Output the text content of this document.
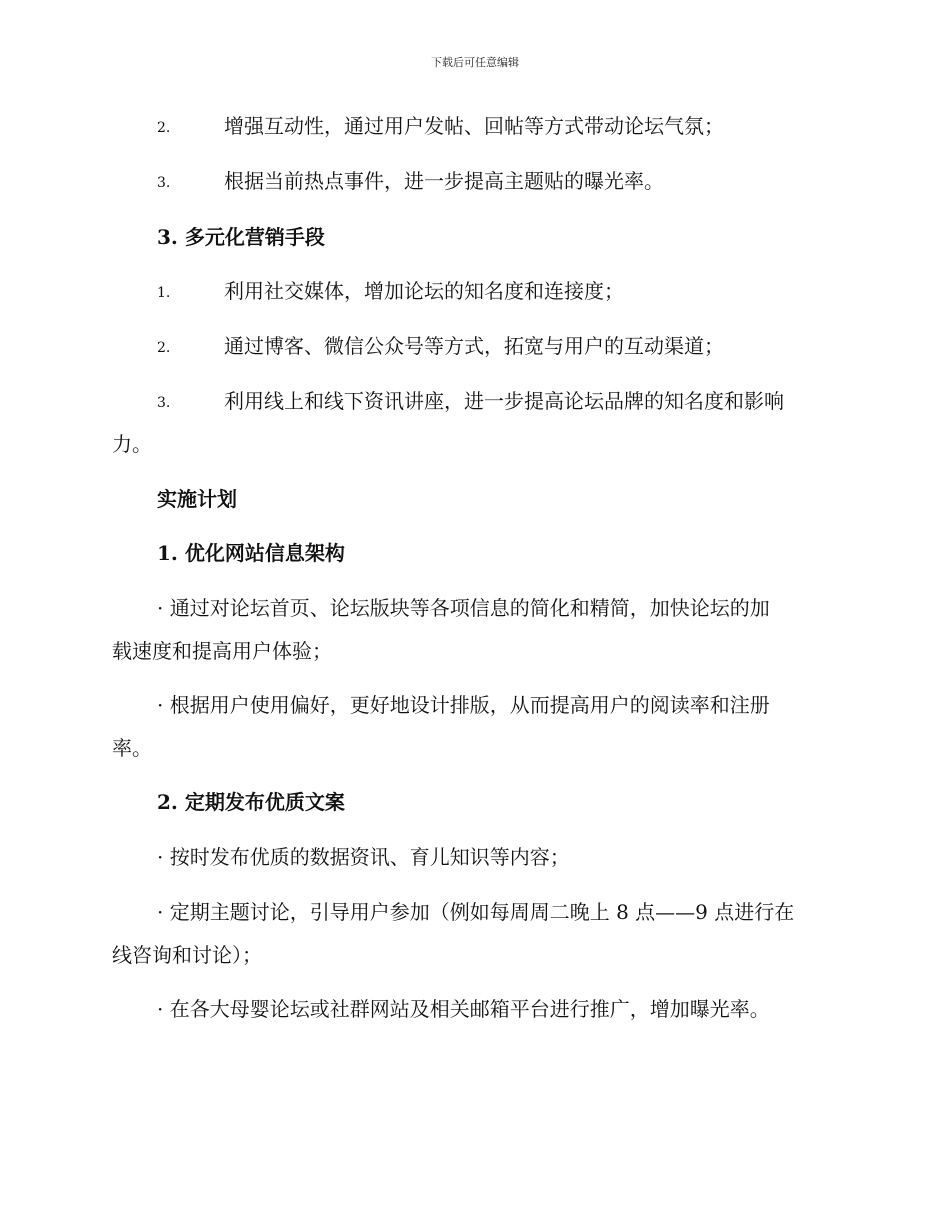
下载后可任意编辑
2.	增强互动性，通过用户发帖、回帖等方式带动论坛气氛；
3.	根据当前热点事件，进一步提高主题贴的曝光率。
3. 多元化营销手段
1.	利用社交媒体，增加论坛的知名度和连接度；
2.	通过博客、微信公众号等方式，拓宽与用户的互动渠道；
3.	利用线上和线下资讯讲座，进一步提高论坛品牌的知名度和影响
力。
实施计划
1. 优化网站信息架构
· 通过对论坛首页、论坛版块等各项信息的简化和精简，加快论坛的加
载速度和提高用户体验；
· 根据用户使用偏好，更好地设计排版，从而提高用户的阅读率和注册
率。
2. 定期发布优质文案
· 按时发布优质的数据资讯、育儿知识等内容；
· 定期主题讨论，引导用户参加（例如每周周二晚上 8 点——9 点进行在
线咨询和讨论）；
· 在各大母婴论坛或社群网站及相关邮箱平台进行推广，增加曝光率。
